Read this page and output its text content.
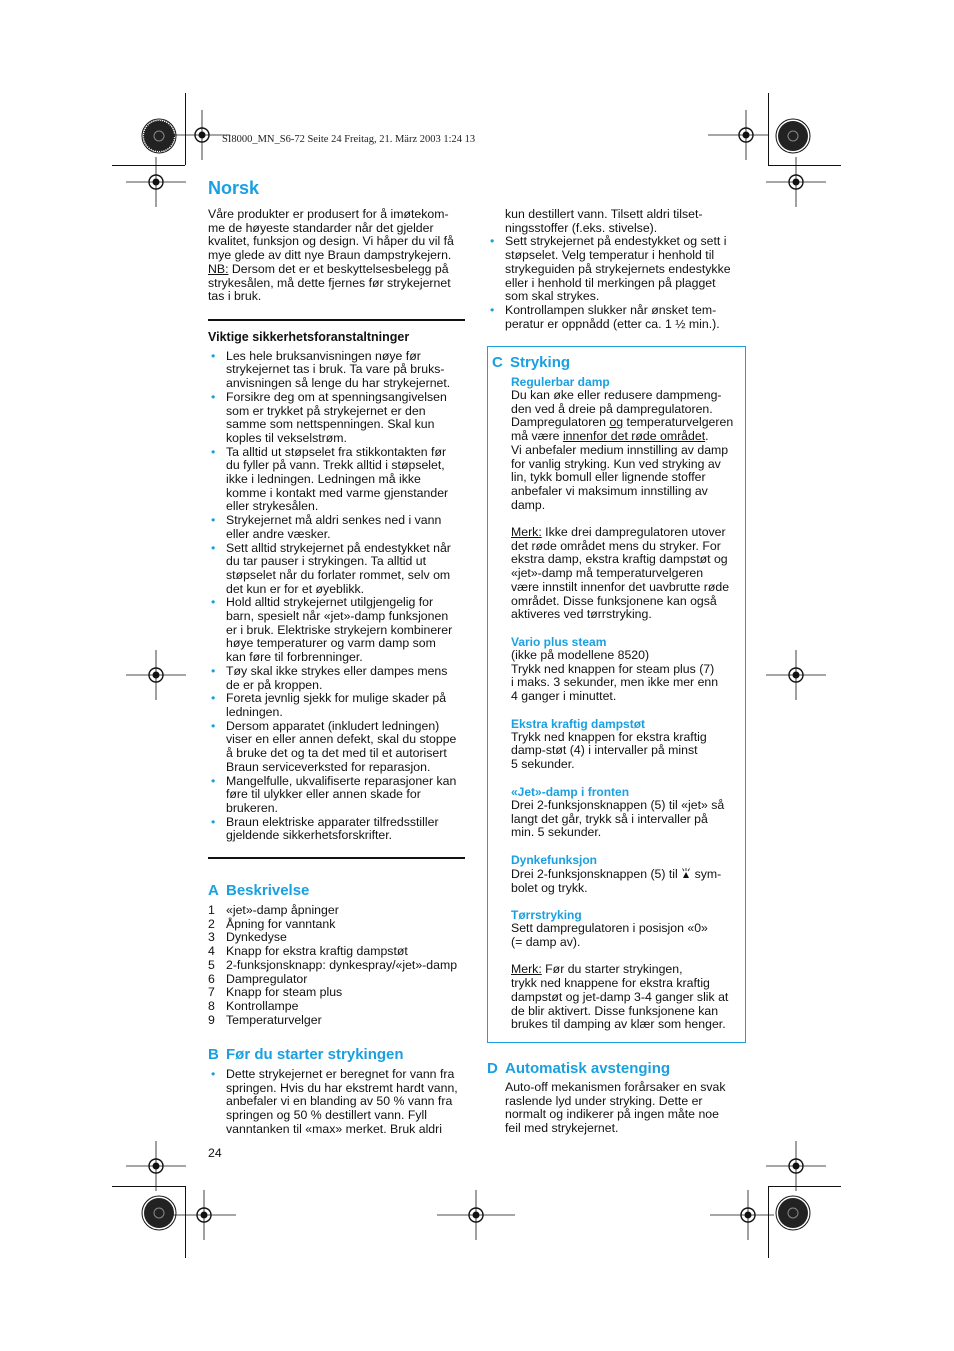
SI8000_MN_S6-72 Seite 24 Freitag, 21. März 2003 1:24 13
Norsk

Våre produkter er produsert for å imøtekom-

me de høyeste standarder når det gjelder

kvalitet, funksjon og design. Vi håper du vil få

mye glede av ditt nye Braun dampstrykejern.

NB: Dersom det er et beskyttelsesbelegg på

strykesålen, må dette fjernes før strykejernet

tas i bruk.

Viktige sikkerhetsforanstaltninger

• Les hele bruksanvisningen nøye før
strykejernet tas i bruk. Ta vare på bruks-
anvisningen så lenge du har strykejernet.
• Forsikre deg om at spenningsangivelsen
som er trykket på strykejernet er den
samme som nettspenningen. Skal kun
koples til vekselstrøm.
• Ta alltid ut støpselet fra stikkontakten før
du fyller på vann. Trekk alltid i støpselet,
ikke i ledningen. Ledningen må ikke
komme i kontakt med varme gjenstander
eller strykesålen.
• Strykejernet må aldri senkes ned i vann
eller andre væsker.
• Sett alltid strykejernet på endestykket når
du tar pauser i strykingen. Ta alltid ut
støpselet når du forlater rommet, selv om
det kun er for et øyeblikk.
• Hold alltid strykejernet utilgjengelig for
barn, spesielt når «jet»-damp funksjonen
er i bruk. Elektriske strykejern kombinerer
høye temperaturer og varm damp som
kan føre til forbrenninger.
• Tøy skal ikke strykes eller dampes mens
de er på kroppen.
• Foreta jevnlig sjekk for mulige skader på
ledningen.
• Dersom apparatet (inkludert ledningen)
viser en eller annen defekt, skal du stoppe
å bruke det og ta det med til et autorisert
Braun serviceverksted for reparasjon.
• Mangelfulle, ukvalifiserte reparasjoner kan
føre til ulykker eller annen skade for
brukeren.
• Braun elektriske apparater tilfredsstiller
gjeldende sikkerhetsforskrifter.
A Beskrivelse
1 «jet»-damp åpninger
2 Åpning for vanntank
3 Dynkedyse
4 Knapp for ekstra kraftig dampstøt
5 2-funksjonsknapp: dynkespray/«jet»-damp
6 Dampregulator
7 Knapp for steam plus
8 Kontrollampe
9 Temperaturvelger
B Før du starter strykingen
• Dette strykejernet er beregnet for vann fra
springen. Hvis du har ekstremt hardt vann,
anbefaler vi en blanding av 50 % vann fra
springen og 50 % destillert vann. Fyll
vanntanken til «max» merket. Bruk aldri
24

kun destillert vann. Tilsett aldri tilset-

ningsstoffer (f.eks. stivelse).

• Sett strykejernet på endestykket og sett i
støpselet. Velg temperatur i henhold til
strykeguiden på strykejernets endestykke
eller i henhold til merkingen på plagget
som skal strykes.
• Kontrollampen slukker når ønsket tem-
peratur er oppnådd (etter ca. 1 ½ min.).
C Stryking

Regulerbar damp

Du kan øke eller redusere dampmeng-

den ved å dreie på dampregulatoren.

Dampregulatoren og temperaturvelgeren

må være innenfor det røde området.

Vi anbefaler medium innstilling av damp

for vanlig stryking. Kun ved stryking av

lin, tykk bomull eller lignende stoffer

anbefaler vi maksimum innstilling av

damp.

Merk: Ikke drei dampregulatoren utover

det røde området mens du stryker. For

ekstra damp, ekstra kraftig dampstøt og

«jet»-damp må temperaturvelgeren

være innstilt innenfor det uavbrutte røde

området. Disse funksjonene kan også

aktiveres ved tørrstryking.

Vario plus steam

(ikke på modellene 8520)

Trykk ned knappen for steam plus (7)

i maks. 3 sekunder, men ikke mer enn

4 ganger i minuttet.

Ekstra kraftig dampstøt

Trykk ned knappen for ekstra kraftig

damp-støt (4) i intervaller på minst

5 sekunder.

«Jet»-damp i fronten

Drei 2-funksjonsknappen (5) til «jet» så

langt det går, trykk så i intervaller på

min. 5 sekunder.

Dynkefunksjon

Drei 2-funksjonsknappen (5) til  sym-

bolet og trykk.

Tørrstryking

Sett dampregulatoren i posisjon «0»

(= damp av).

Merk: Før du starter strykingen,

trykk ned knappene for ekstra kraftig

dampstøt og jet-damp 3-4 ganger slik at

de blir aktivert. Disse funksjonene kan

brukes til damping av klær som henger.

D Automatisk avstenging

Auto-off mekanismen forårsaker en svak

raslende lyd under stryking. Dette er

normalt og indikerer på ingen måte noe

feil med strykejernet.
